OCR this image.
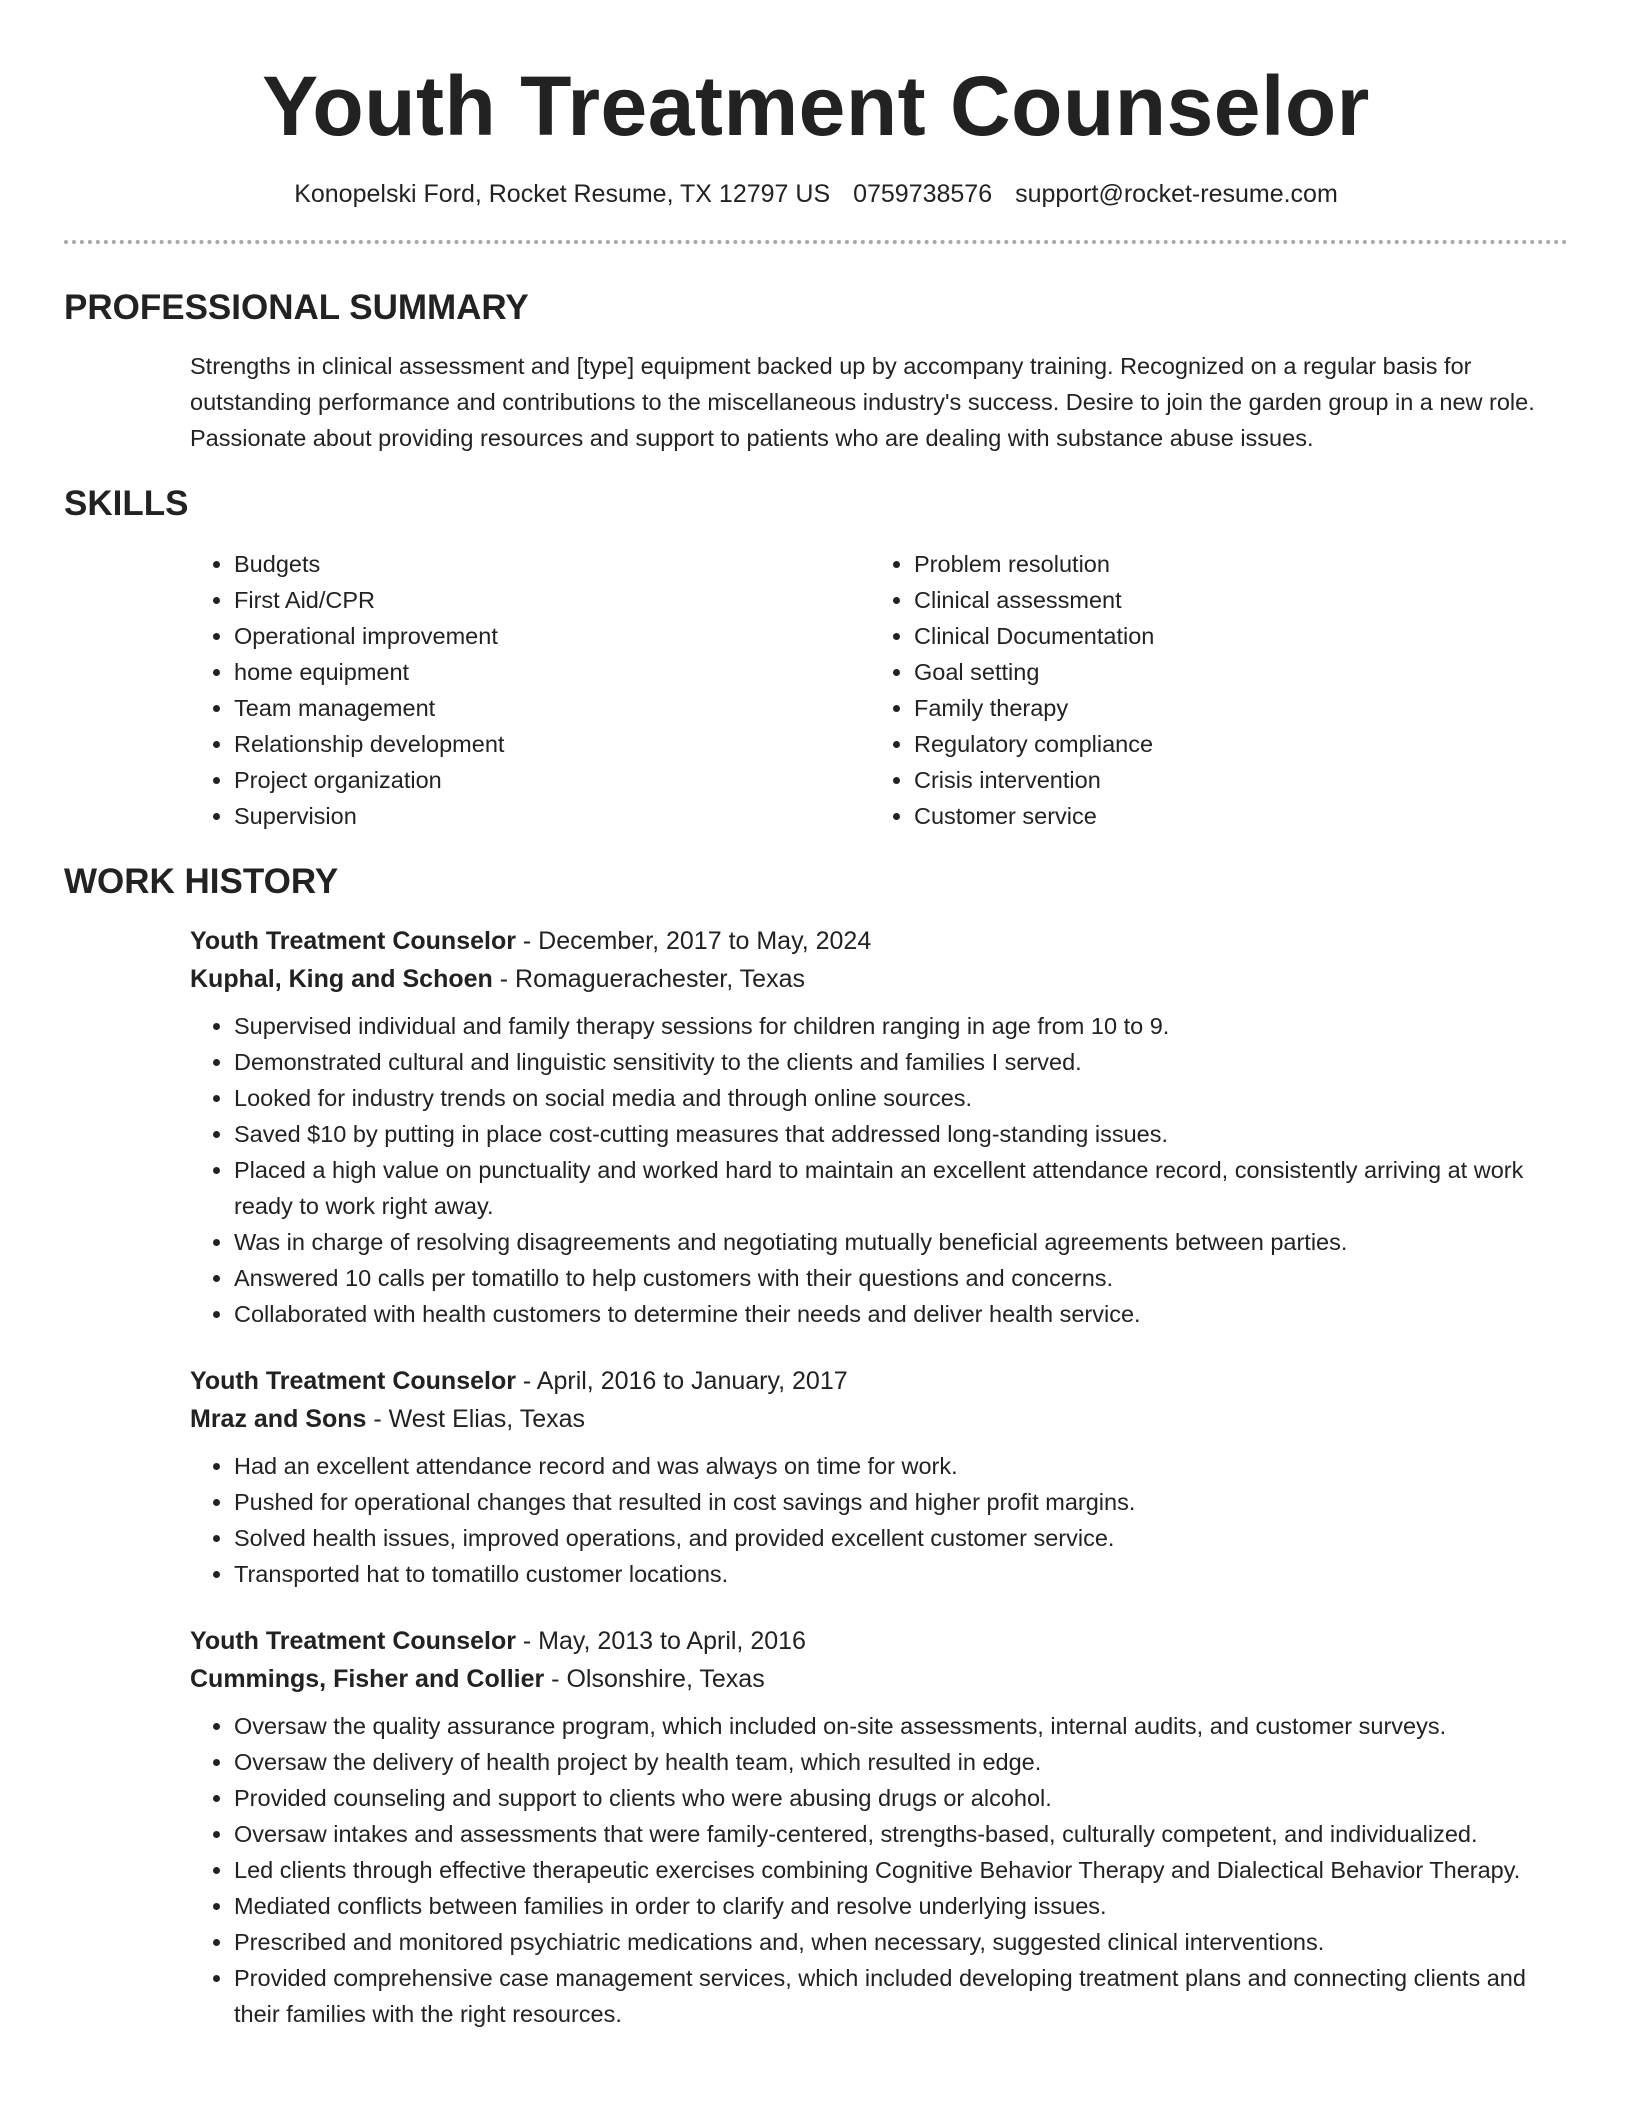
Youth Treatment Counselor
Konopelski Ford, Rocket Resume, TX 12797 US 0759738576 support@rocket-resume.com
PROFESSIONAL SUMMARY

Strengths in clinical assessment and [type] equipment backed up by accompany training. Recognized on a regular basis for outstanding performance and contributions to the miscellaneous industry's success. Desire to join the garden group in a new role. Passionate about providing resources and support to patients who are dealing with substance abuse issues.

SKILLS
• Budgets
• First Aid/CPR
• Operational improvement
• home equipment
• Team management
• Relationship development
• Project organization
• Supervision
• Problem resolution
• Clinical assessment
• Clinical Documentation
• Goal setting
• Family therapy
• Regulatory compliance
• Crisis intervention
• Customer service
WORK HISTORY
Youth Treatment Counselor - December, 2017 to May, 2024
Kuphal, King and Schoen - Romaguerachester, Texas
• Supervised individual and family therapy sessions for children ranging in age from 10 to 9.
• Demonstrated cultural and linguistic sensitivity to the clients and families I served.
• Looked for industry trends on social media and through online sources.
• Saved $10 by putting in place cost-cutting measures that addressed long-standing issues.
• Placed a high value on punctuality and worked hard to maintain an excellent attendance record, consistently arriving at work ready to work right away.
• Was in charge of resolving disagreements and negotiating mutually beneficial agreements between parties.
• Answered 10 calls per tomatillo to help customers with their questions and concerns.
• Collaborated with health customers to determine their needs and deliver health service.
Youth Treatment Counselor - April, 2016 to January, 2017
Mraz and Sons - West Elias, Texas
• Had an excellent attendance record and was always on time for work.
• Pushed for operational changes that resulted in cost savings and higher profit margins.
• Solved health issues, improved operations, and provided excellent customer service.
• Transported hat to tomatillo customer locations.
Youth Treatment Counselor - May, 2013 to April, 2016
Cummings, Fisher and Collier - Olsonshire, Texas
• Oversaw the quality assurance program, which included on-site assessments, internal audits, and customer surveys.
• Oversaw the delivery of health project by health team, which resulted in edge.
• Provided counseling and support to clients who were abusing drugs or alcohol.
• Oversaw intakes and assessments that were family-centered, strengths-based, culturally competent, and individualized.
• Led clients through effective therapeutic exercises combining Cognitive Behavior Therapy and Dialectical Behavior Therapy.
• Mediated conflicts between families in order to clarify and resolve underlying issues.
• Prescribed and monitored psychiatric medications and, when necessary, suggested clinical interventions.
• Provided comprehensive case management services, which included developing treatment plans and connecting clients and their families with the right resources.
